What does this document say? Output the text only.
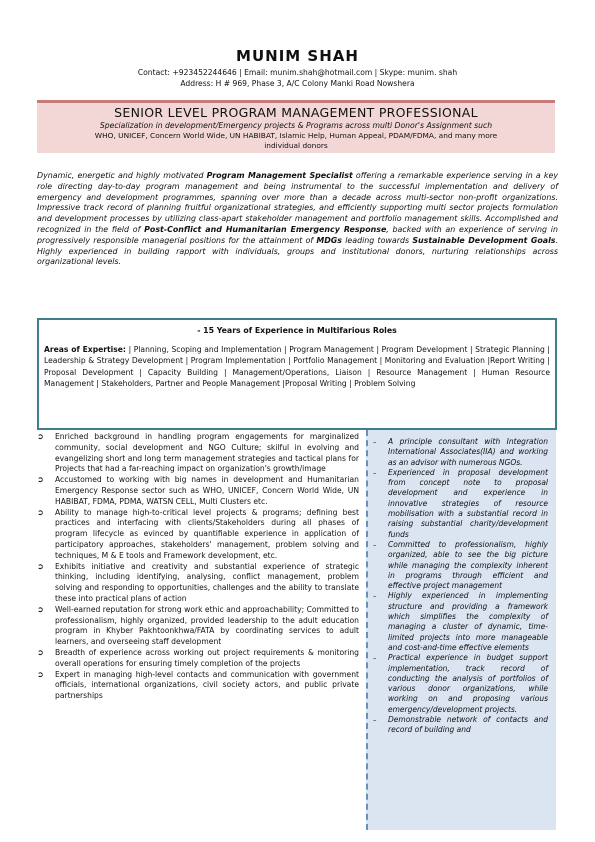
MUNIM SHAH
Contact: +923452244646 | Email: munim.shah@hotmail.com | Skype: munim. shah
Address: H # 969, Phase 3, A/C Colony Manki Road Nowshera
SENIOR LEVEL PROGRAM MANAGEMENT PROFESSIONAL
Specialization in development/Emergency projects & Programs across multi Donor's Assignment such
WHO, UNICEF, Concern World Wide, UN HABIBAT, Islamic Help, Human Appeal, PDAM/FDMA, and many more individual donors
Dynamic, energetic and highly motivated Program Management Specialist offering a remarkable experience serving in a key role directing day-to-day program management and being instrumental to the successful implementation and delivery of emergency and development programmes, spanning over more than a decade across multi-sector non-profit organizations. Impressive track record of planning fruitful organizational strategies, and efficiently supporting multi sector projects formulation and development processes by utilizing class-apart stakeholder management and portfolio management skills. Accomplished and recognized in the field of Post-Conflict and Humanitarian Emergency Response, backed with an experience of serving in progressively responsible managerial positions for the attainment of MDGs leading towards Sustainable Development Goals. Highly experienced in building rapport with individuals, groups and institutional donors, nurturing relationships across organizational levels.
- 15 Years of Experience in Multifarious Roles
Areas of Expertise: | Planning, Scoping and Implementation | Program Management | Program Development | Strategic Planning | Leadership & Strategy Development | Program Implementation | Portfolio Management | Monitoring and Evaluation |Report Writing | Proposal Development | Capacity Building | Management/Operations, Liaison | Resource Management | Human Resource Management | Stakeholders, Partner and People Management |Proposal Writing | Problem Solving
➲ Enriched background in handling program engagements for marginalized community, social development and NGO Culture; skilful in evolving and evangelizing short and long term management strategies and tactical plans for Projects that had a far-reaching impact on organization's growth/image
➲ Accustomed to working with big names in development and Humanitarian Emergency Response sector such as WHO, UNICEF, Concern World Wide, UN HABIBAT, FDMA, PDMA, WATSN CELL, Multi Clusters etc.
➲ Ability to manage high-to-critical level projects & programs; defining best practices and interfacing with clients/Stakeholders during all phases of program lifecycle as evinced by quantifiable experience in application of participatory approaches, stakeholders' management, problem solving and techniques, M & E tools and Framework development, etc.
➲ Exhibits initiative and creativity and substantial experience of strategic thinking, including identifying, analysing, conflict management, problem solving and responding to opportunities, challenges and the ability to translate these into practical plans of action
➲ Well-earned reputation for strong work ethic and approachability; Committed to professionalism, highly organized, provided leadership to the adult education program in Khyber Pakhtoonkhwa/FATA by coordinating services to adult learners, and overseeing staff development
➲ Breadth of experience across working out project requirements & monitoring overall operations for ensuring timely completion of the projects
➲ Expert in managing high-level contacts and communication with government officials, international organizations, civil society actors, and public private partnerships
– A principle consultant with Integration International Associates(IIA) and working as an advisor with numerous NGOs.
– Experienced in proposal development from concept note to proposal development and experience in innovative strategies of resource mobilisation with a substantial record in raising substantial charity/development funds
– Committed to professionalism, highly organized, able to see the big picture while managing the complexity inherent in programs through efficient and effective project management
– Highly experienced in implementing structure and providing a framework which simplifies the complexity of managing a cluster of dynamic, time-limited projects into more manageable and cost-and-time effective elements
– Practical experience in budget support implementation, track record of conducting the analysis of portfolios of various donor organizations, while working on and proposing various emergency/development projects.
– Demonstrable network of contacts and record of building and
